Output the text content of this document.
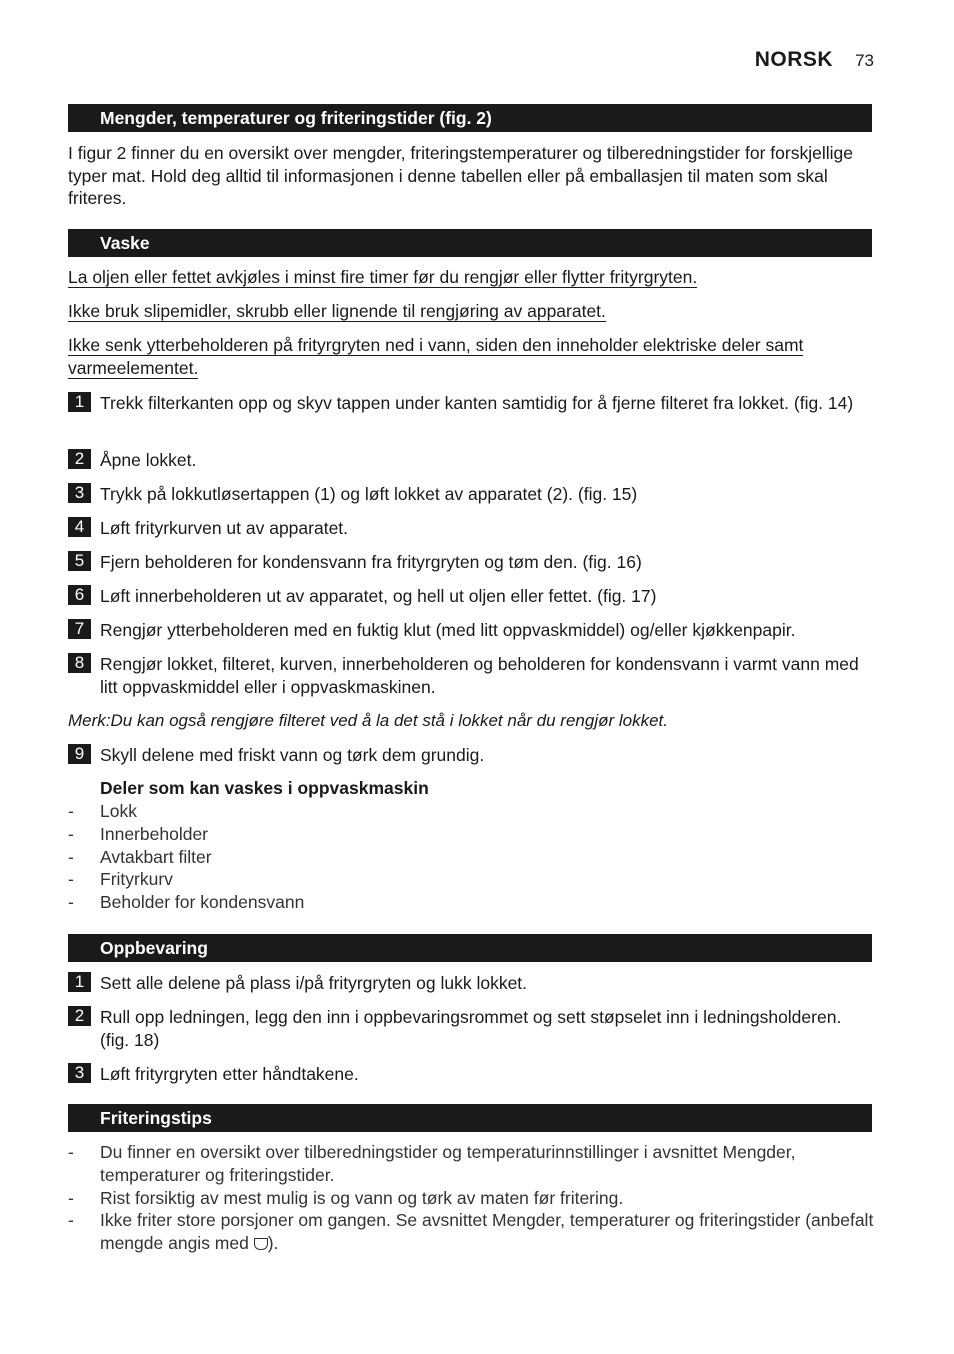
NORSK 73
Mengder, temperaturer og friteringstider (fig. 2)
I figur 2 finner du en oversikt over mengder, friteringstemperaturer og tilberedningstider for forskjellige typer mat. Hold deg alltid til informasjonen i denne tabellen eller på emballasjen til maten som skal friteres.
Vaske
La oljen eller fettet avkjøles i minst fire timer før du rengjør eller flytter frityrgryten.
Ikke bruk slipemidler, skrubb eller lignende til rengjøring av apparatet.
Ikke senk ytterbeholderen på frityrgryten ned i vann, siden den inneholder elektriske deler samt varmeelementet.
1 Trekk filterkanten opp og skyv tappen under kanten samtidig for å fjerne filteret fra lokket. (fig. 14)
2 Åpne lokket.
3 Trykk på lokkutløsertappen (1) og løft lokket av apparatet (2). (fig. 15)
4 Løft frityrkurven ut av apparatet.
5 Fjern beholderen for kondensvann fra frityrgryten og tøm den. (fig. 16)
6 Løft innerbeholderen ut av apparatet, og hell ut oljen eller fettet. (fig. 17)
7 Rengjør ytterbeholderen med en fuktig klut (med litt oppvaskmiddel) og/eller kjøkkenpapir.
8 Rengjør lokket, filteret, kurven, innerbeholderen og beholderen for kondensvann i varmt vann med litt oppvaskmiddel eller i oppvaskmaskinen.
Merk:Du kan også rengjøre filteret ved å la det stå i lokket når du rengjør lokket.
9 Skyll delene med friskt vann og tørk dem grundig.
Deler som kan vaskes i oppvaskmaskin
- Lokk
- Innerbeholder
- Avtakbart filter
- Frityrkurv
- Beholder for kondensvann
Oppbevaring
1 Sett alle delene på plass i/på frityrgryten og lukk lokket.
2 Rull opp ledningen, legg den inn i oppbevaringsrommet og sett støpselet inn i ledningsholderen. (fig. 18)
3 Løft frityrgryten etter håndtakene.
Friteringstips
- Du finner en oversikt over tilberedningstider og temperaturinnstillinger i avsnittet Mengder, temperaturer og friteringstider.
- Rist forsiktig av mest mulig is og vann og tørk av maten før fritering.
- Ikke friter store porsjoner om gangen. Se avsnittet Mengder, temperaturer og friteringstider (anbefalt mengde angis med ).
